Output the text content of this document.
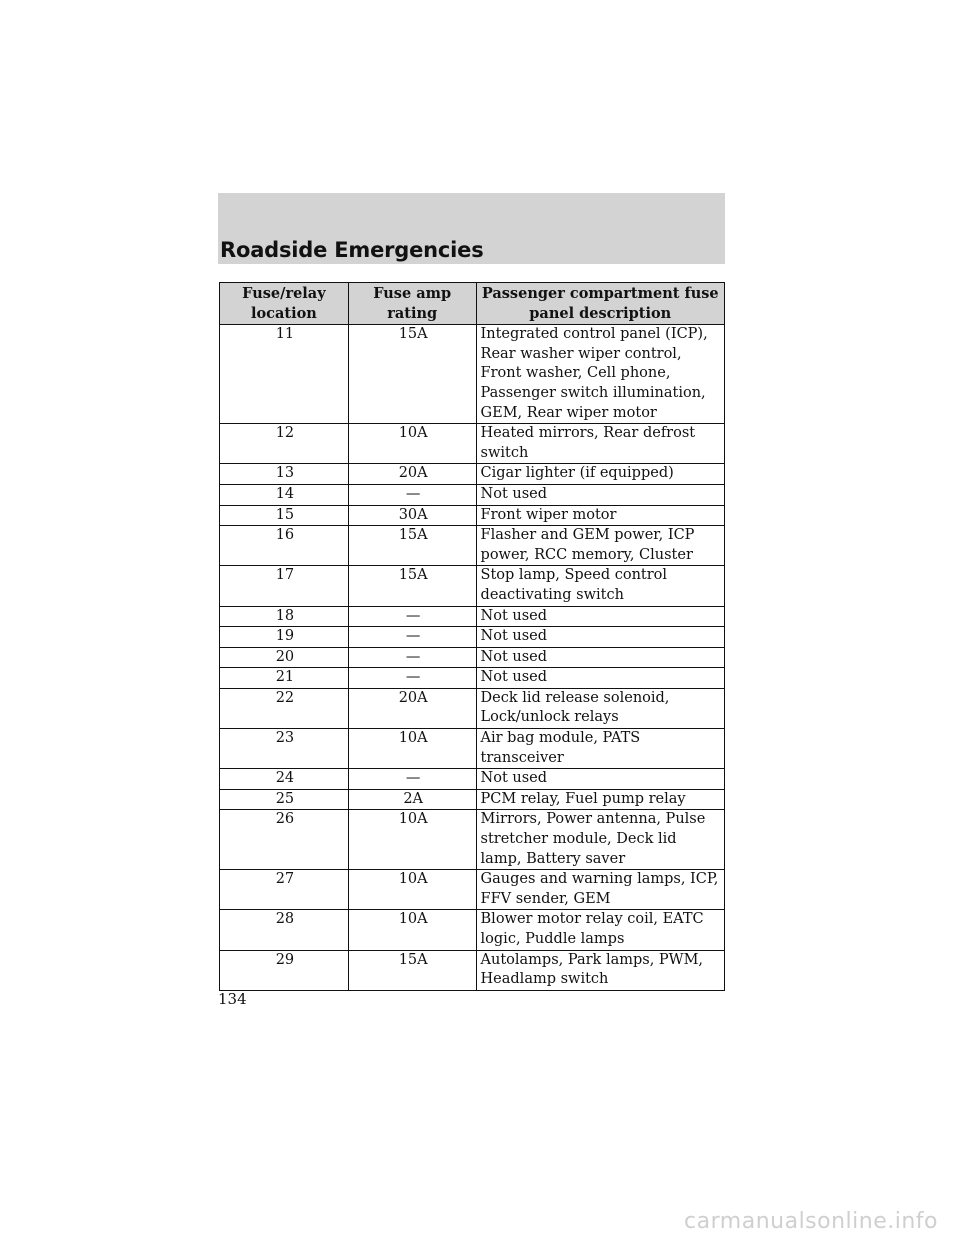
Roadside Emergencies
Fuse/relay location	Fuse amp rating	Passenger compartment fuse panel description
11	15A	Integrated control panel (ICP), Rear washer wiper control, Front washer, Cell phone, Passenger switch illumination, GEM, Rear wiper motor
12	10A	Heated mirrors, Rear defrost switch
13	20A	Cigar lighter (if equipped)
14	—	Not used
15	30A	Front wiper motor
16	15A	Flasher and GEM power, ICP power, RCC memory, Cluster
17	15A	Stop lamp, Speed control deactivating switch
18	—	Not used
19	—	Not used
20	—	Not used
21	—	Not used
22	20A	Deck lid release solenoid, Lock/unlock relays
23	10A	Air bag module, PATS transceiver
24	—	Not used
25	2A	PCM relay, Fuel pump relay
26	10A	Mirrors, Power antenna, Pulse stretcher module, Deck lid lamp, Battery saver
27	10A	Gauges and warning lamps, ICP, FFV sender, GEM
28	10A	Blower motor relay coil, EATC logic, Puddle lamps
29	15A	Autolamps, Park lamps, PWM, Headlamp switch
134
carmanualsonline.info
